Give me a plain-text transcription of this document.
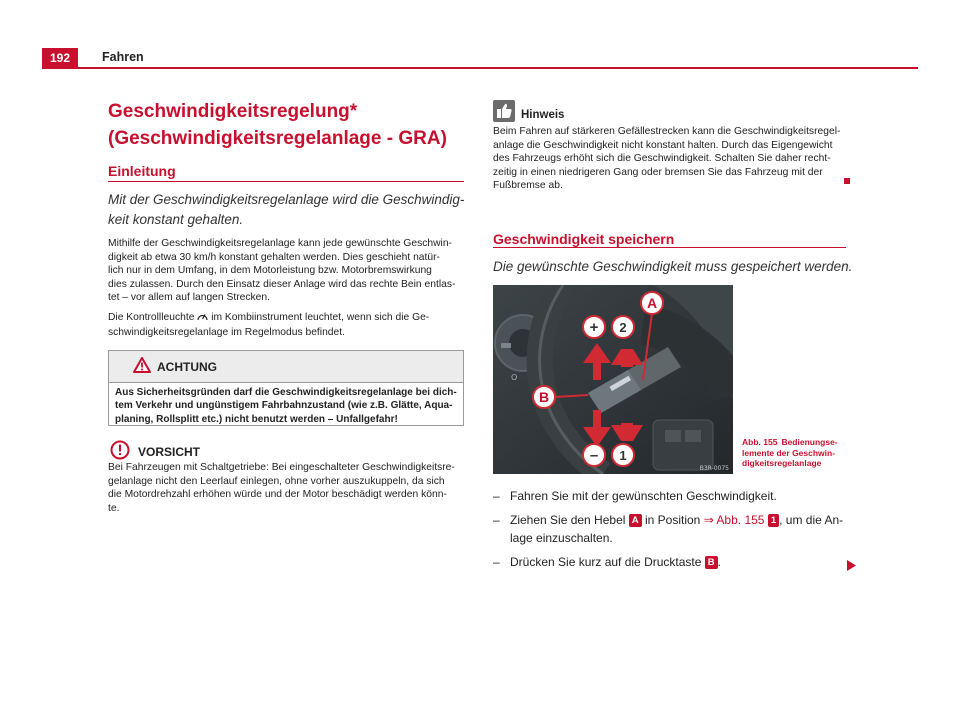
192	Fahren
Geschwindigkeitsregelung*
(Geschwindigkeitsregelanlage - GRA)
Einleitung

Mit der Geschwindigkeitsregelanlage wird die Geschwindig-
keit konstant gehalten.

Mithilfe der Geschwindigkeitsregelanlage kann jede gewünschte Geschwin-
digkeit ab etwa 30 km/h konstant gehalten werden. Dies geschieht natür-
lich nur in dem Umfang, in dem Motorleistung bzw. Motorbremswirkung
dies zulassen. Durch den Einsatz dieser Anlage wird das rechte Bein entlas-
tet – vor allem auf langen Strecken.

Die Kontrollleuchte im Kombiinstrument leuchtet, wenn sich die Ge-
schwindigkeitsregelanlage im Regelmodus befindet.

ACHTUNG

Aus Sicherheitsgründen darf die Geschwindigkeitsregelanlage bei dich-
tem Verkehr und ungünstigem Fahrbahnzustand (wie z.B. Glätte, Aqua-
planing, Rollsplitt etc.) nicht benutzt werden – Unfallgefahr!

VORSICHT

Bei Fahrzeugen mit Schaltgetriebe: Bei eingeschalteter Geschwindigkeitsre-
gelanlage nicht den Leerlauf einlegen, ohne vorher auszukuppeln, da sich
die Motordrehzahl erhöhen würde und der Motor beschädigt werden könn-
te.

Hinweis

Beim Fahren auf stärkeren Gefällestrecken kann die Geschwindigkeitsregel-
anlage die Geschwindigkeit nicht konstant halten. Durch das Eigengewicht
des Fahrzeugs erhöht sich die Geschwindigkeit. Schalten Sie daher recht-
zeitig in einen niedrigeren Gang oder bremsen Sie das Fahrzeug mit der
Fußbremse ab.

Geschwindigkeit speichern

Die gewünschte Geschwindigkeit muss gespeichert werden.

O
A
B
+ 2
– 1
B3R-0075

Abb. 155 Bedienungse-
lemente der Geschwin-
digkeitsregelanlage

– Fahren Sie mit der gewünschten Geschwindigkeit.
– Ziehen Sie den Hebel A in Position ⇒ Abb. 155 1 , um die An-
lage einzuschalten.
– Drücken Sie kurz auf die Drucktaste B .
